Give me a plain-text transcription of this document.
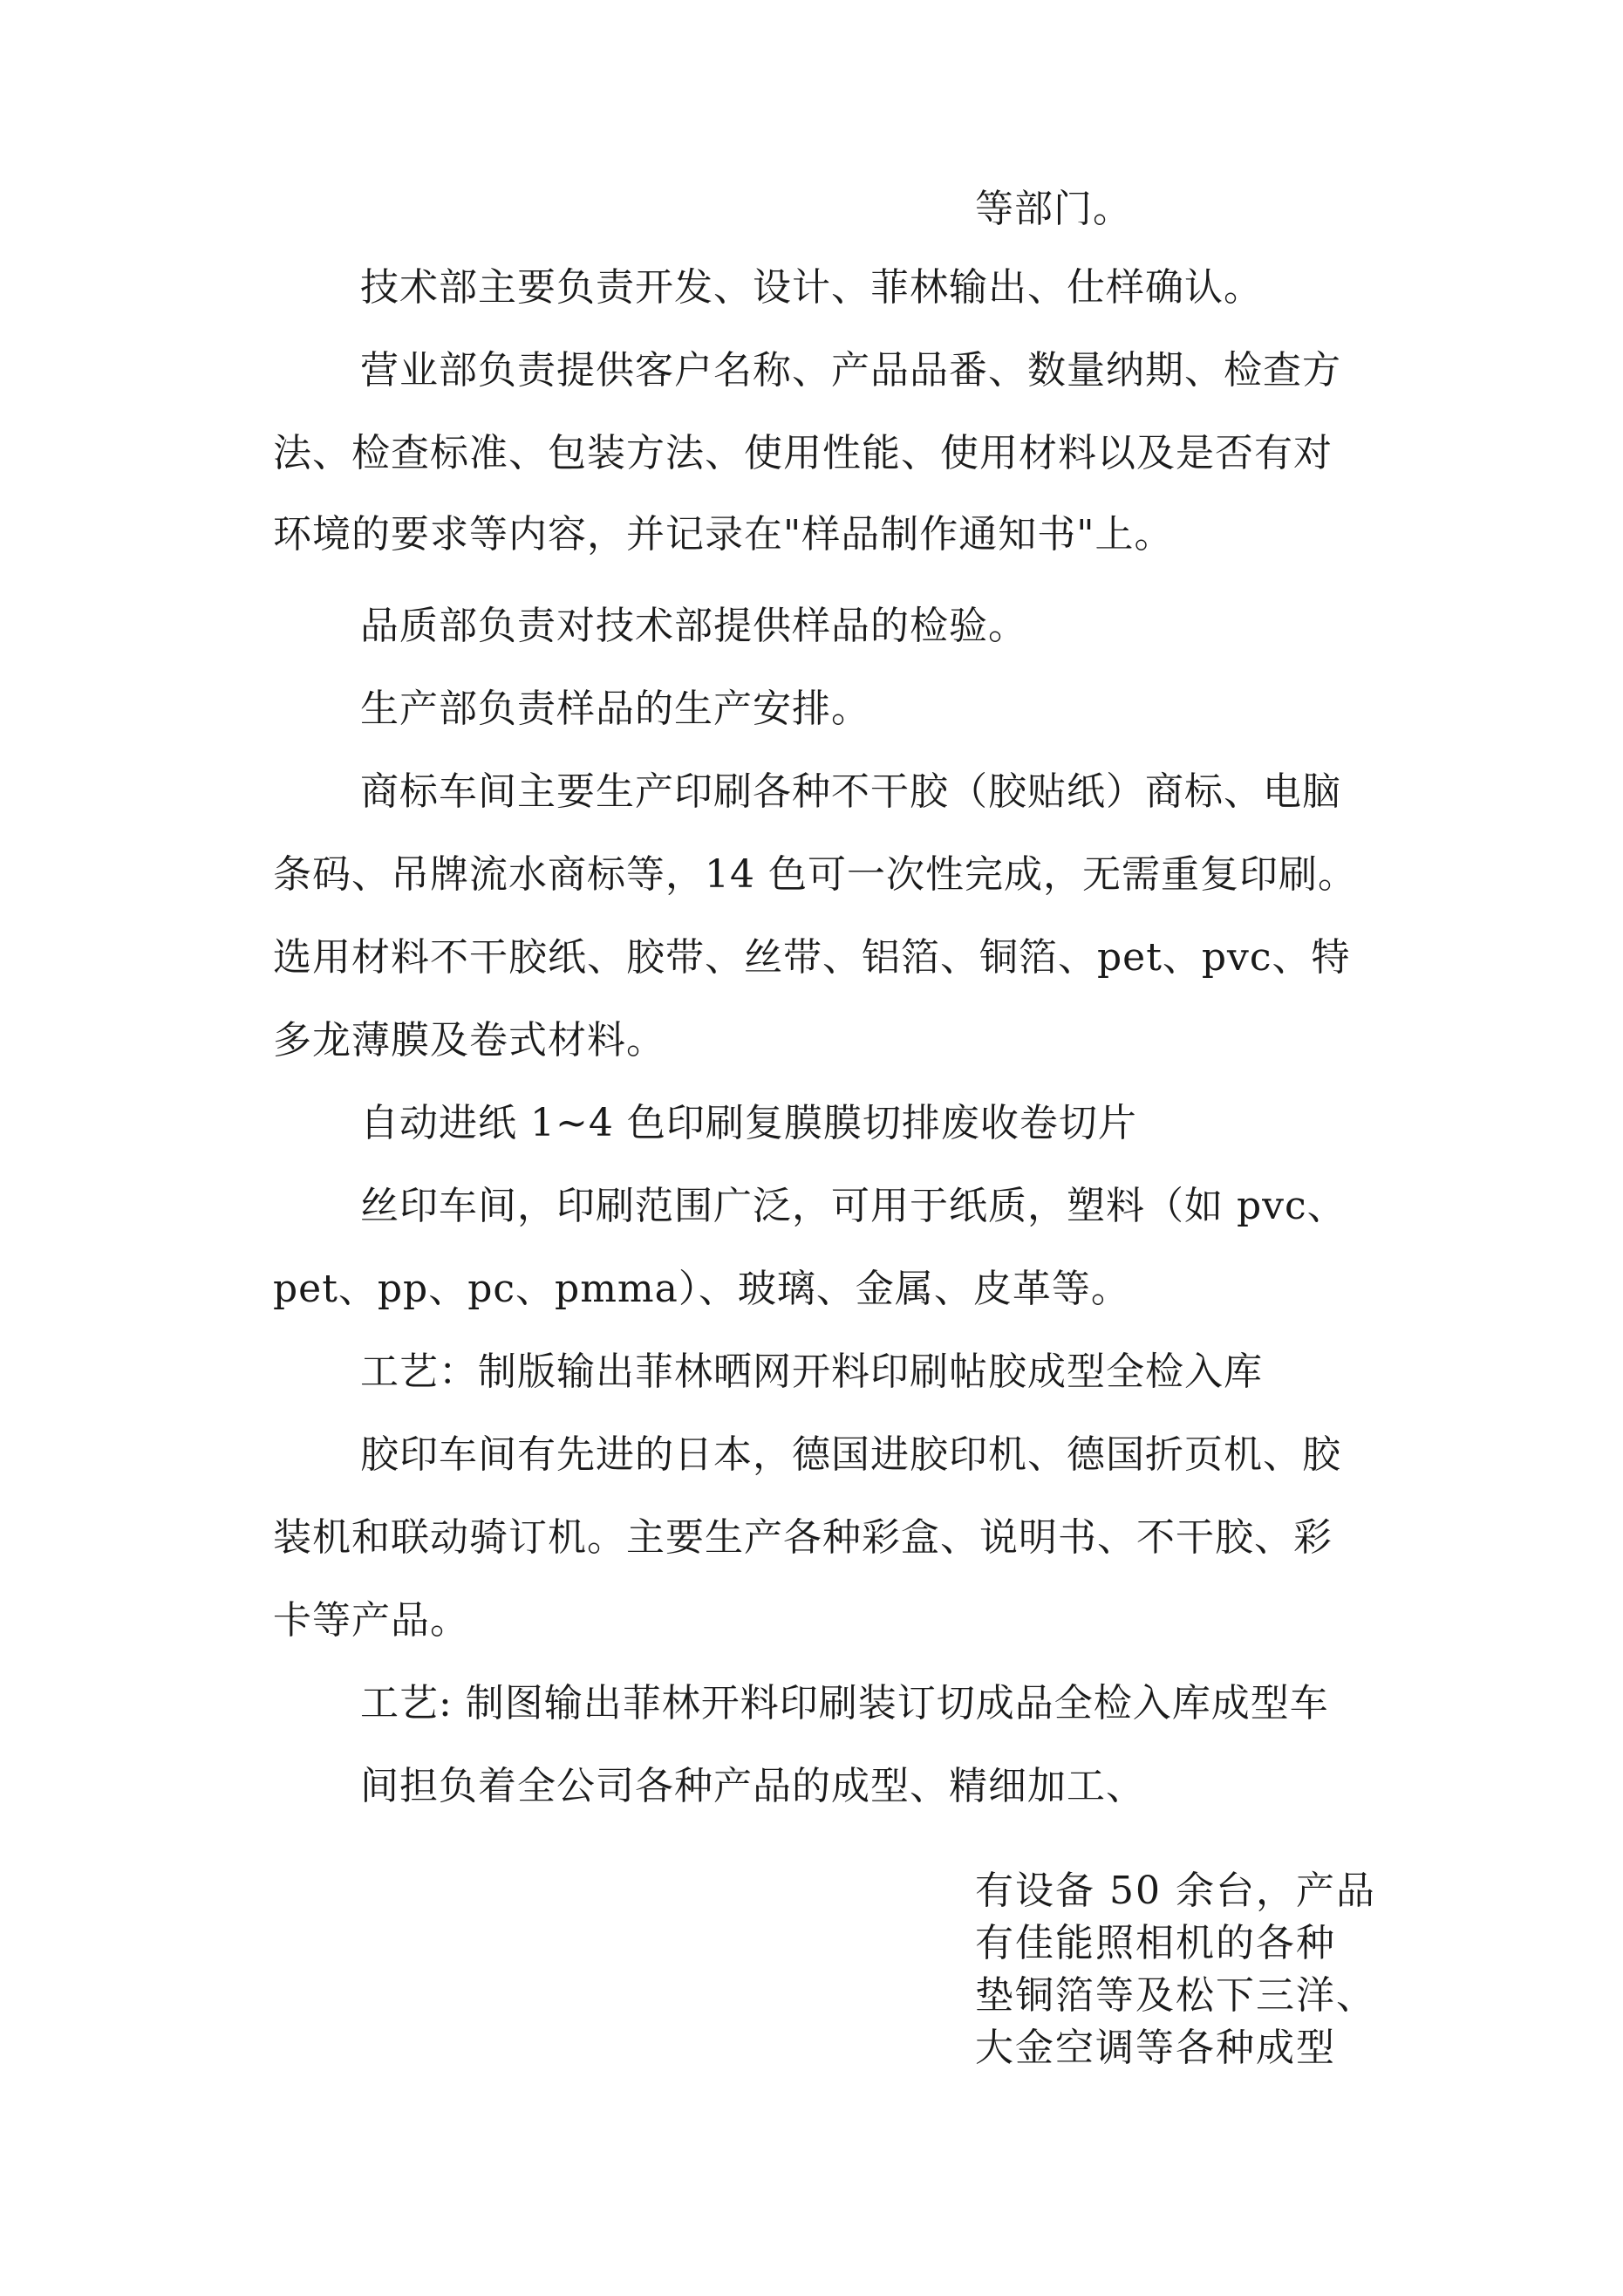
等部门。
技术部主要负责开发、设计、菲林输出、仕样确认。
营业部负责提供客户名称、产品品番、数量纳期、检查方
法、检查标准、包装方法、使用性能、使用材料以及是否有对
环境的要求等内容，并记录在"样品制作通知书"上。
品质部负责对技术部提供样品的检验。
生产部负责样品的生产安排。
商标车间主要生产印刷各种不干胶（胶贴纸）商标、电脑
条码、吊牌流水商标等，14 色可一次性完成，无需重复印刷。
选用材料不干胶纸、胶带、丝带、铝箔、铜箔、pet、pvc、特
多龙薄膜及卷式材料。
自动进纸 1~4 色印刷复膜膜切排废收卷切片
丝印车间，印刷范围广泛，可用于纸质，塑料（如 pvc、
pet、pp、pc、pmma）、玻璃、金属、皮革等。
工艺：制版输出菲林晒网开料印刷帖胶成型全检入库
胶印车间有先进的日本，德国进胶印机、德国折页机、胶
装机和联动骑订机。主要生产各种彩盒、说明书、不干胶、彩
卡等产品。
工艺: 制图输出菲林开料印刷装订切成品全检入库成型车
间担负着全公司各种产品的成型、精细加工、
有设备 50 余台，产品
有佳能照相机的各种
垫铜箔等及松下三洋、
大金空调等各种成型
